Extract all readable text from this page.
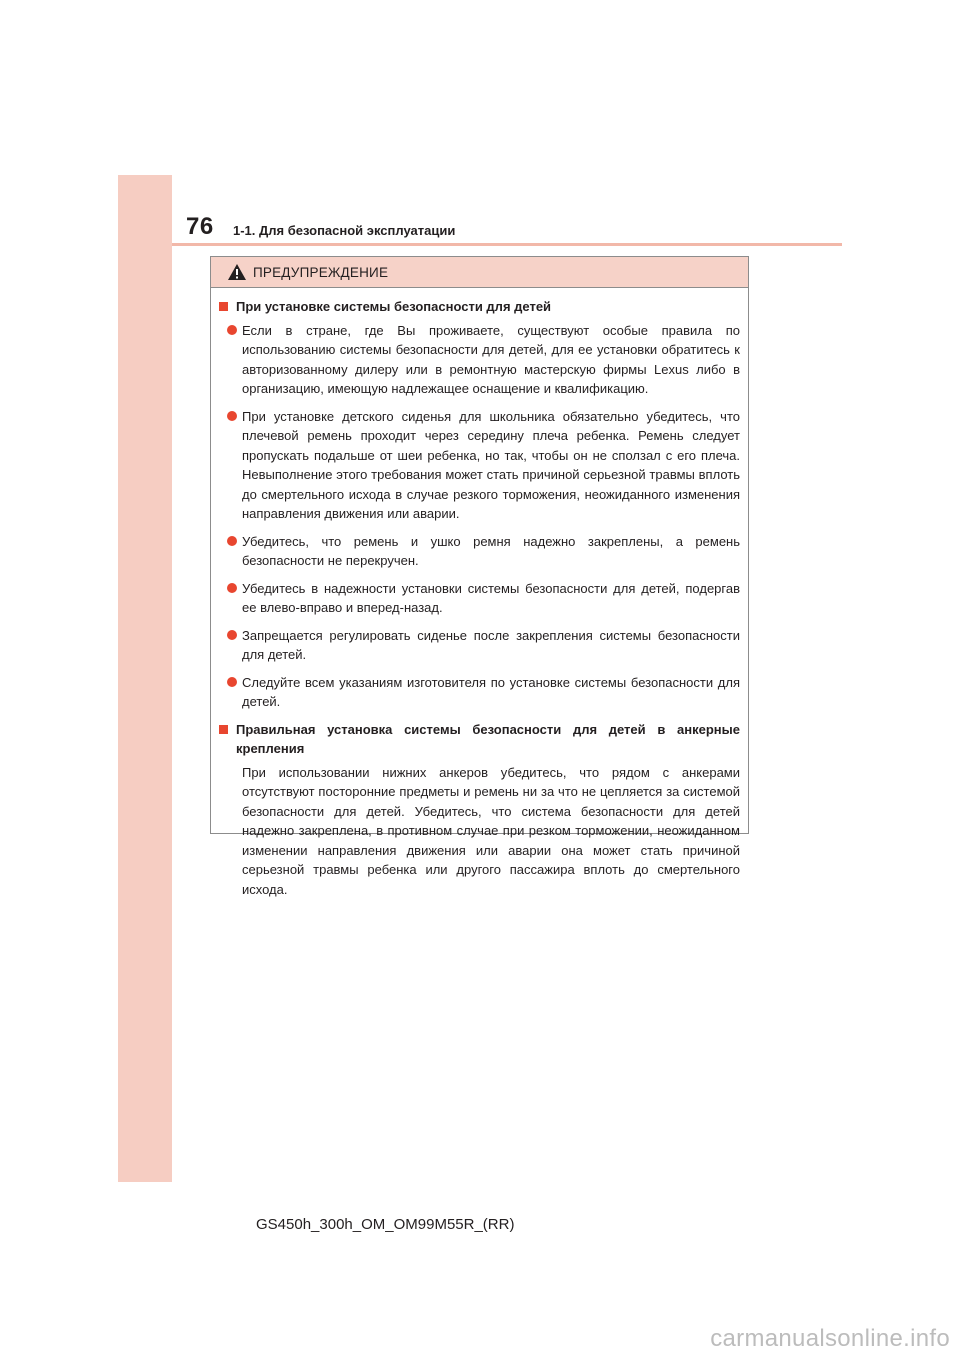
76 1-1. Для безопасной эксплуатации
ПРЕДУПРЕЖДЕНИЕ
При установке системы безопасности для детей
Если в стране, где Вы проживаете, существуют особые правила по использованию системы безопасности для детей, для ее установки обратитесь к авторизованному дилеру или в ремонтную мастерскую фирмы Lexus либо в организацию, имеющую надлежащее оснащение и квалификацию.
При установке детского сиденья для школьника обязательно убедитесь, что плечевой ремень проходит через середину плеча ребенка. Ремень следует пропускать подальше от шеи ребенка, но так, чтобы он не сползал с его плеча. Невыполнение этого требования может стать причиной серьезной травмы вплоть до смертельного исхода в случае резкого торможения, неожиданного изменения направления движения или аварии.
Убедитесь, что ремень и ушко ремня надежно закреплены, а ремень безопасности не перекручен.
Убедитесь в надежности установки системы безопасности для детей, подергав ее влево-вправо и вперед-назад.
Запрещается регулировать сиденье после закрепления системы безопасности для детей.
Следуйте всем указаниям изготовителя по установке системы безопасности для детей.
Правильная установка системы безопасности для детей в анкерные крепления
При использовании нижних анкеров убедитесь, что рядом с анкерами отсутствуют посторонние предметы и ремень ни за что не цепляется за системой безопасности для детей. Убедитесь, что система безопасности для детей надежно закреплена, в противном случае при резком торможении, неожиданном изменении направления движения или аварии она может стать причиной серьезной травмы ребенка или другого пассажира вплоть до смертельного исхода.
GS450h_300h_OM_OM99M55R_(RR)
carmanualsonline.info
